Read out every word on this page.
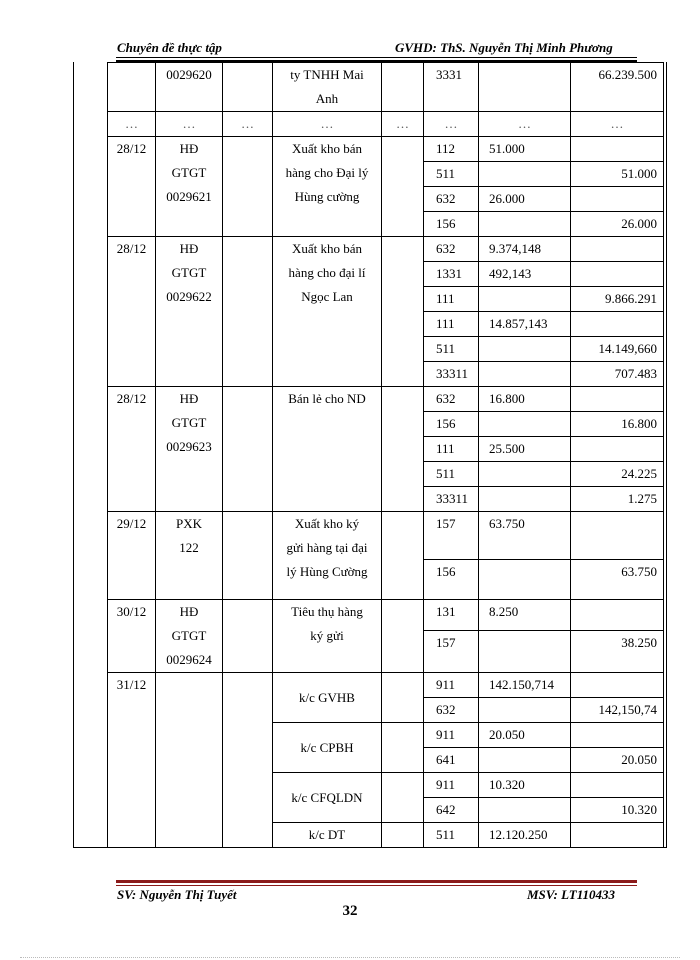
Chuyên đề thực tập	GVHD: ThS. Nguyễn Thị Minh Phương
	0029620		ty TNHH Mai
Anh		3331		66.239.500

…	…	…	…	…	…	…	…
28/12	HĐ
GTGT
0029621		Xuất kho bán
hàng cho Đại lý
Hùng cường		112	51.000	
					511		51.000
					632	26.000	
					156		26.000
28/12	HĐ
GTGT
0029622		Xuất kho bán
hàng cho đại lí
Ngọc Lan		632	9.374,148	
					1331	492,143	
					111		9.866.291
					111	14.857,143	
					511		14.149,660
					33311		707.483
28/12	HĐ
GTGT
0029623		Bán lẻ cho ND		632	16.800	
					156		16.800
					111	25.500	
					511		24.225
					33311		1.275
29/12	PXK
122		Xuất kho ký
gửi hàng tại đại
lý Hùng Cường		157	63.750	
					156		63.750
30/12	HĐ
GTGT
0029624		Tiêu thụ hàng
ký gửi		131	8.250	
					157		38.250
31/12			k/c GVHB		911	142.150,714	
					632		142,150,74
			k/c CPBH		911	20.050	
					641		20.050
			k/c CFQLDN		911	10.320	
					642		10.320
			k/c DT		511	12.120.250	
SV: Nguyễn Thị Tuyết	MSV: LT110433
32
